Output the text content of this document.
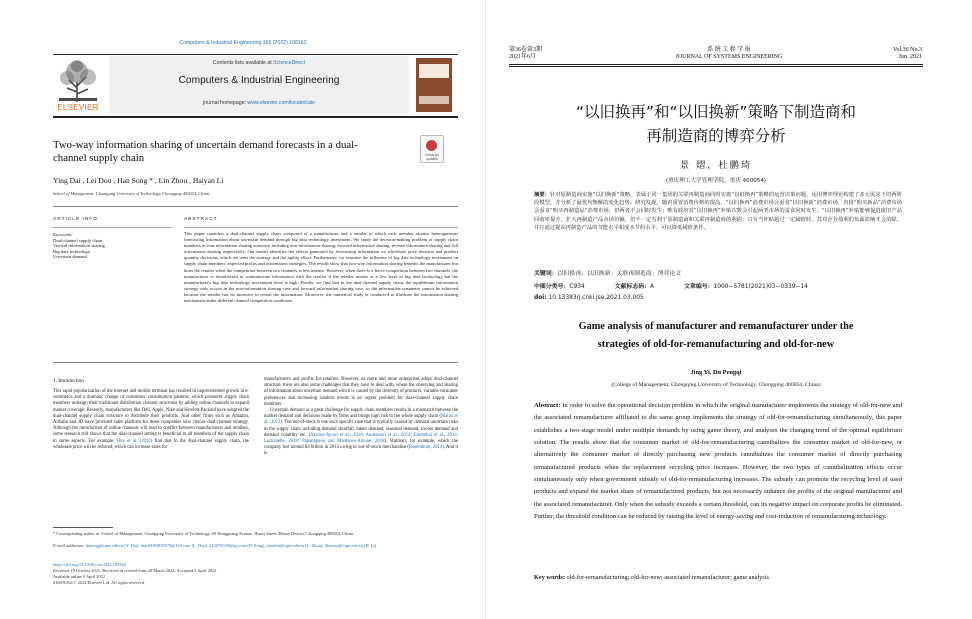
Computers & Industrial Engineering 169 (2022) 108162
ELSEVIER
Contents lists available at ScienceDirect
Computers & Industrial Engineering
journal homepage: www.elsevier.com/locate/caie
Two-way information sharing of uncertain demand forecasts in a dual-channel supply chain	Check for updates
Ying Dai , Lei Dou , Han Song * , Lin Zhou , Haiyan Li
School of Management, Chongqing University of Technology, Chongqing 400054, China
ARTICLE INFO	ABSTRACT
Keywords:
Dual-channel supply chain
Vertical information sharing
Big data technology
Uncertain demand
This paper considers a dual-channel supply chain composed of a manufacturer and a retailer in which each member obtains heterogeneous forecasting information about uncertain demand through big data technology investment. We study the decision-making problem of supply chain members in four information sharing scenarios including non-information sharing, forward information sharing, reverse information sharing and full information sharing respectively. Our model identifies the effects generated by forecasting information on wholesale price decision and product quantity decisions, which we term the strategy and the agility effect. Furthermore, we examine the influence of big data technology investment on supply chain members' expected profits and information strategies. The results show that two-way information sharing benefits the manufacturer but hurts the retailer when the competition between two channels is less intense. However, when there is a fierce competition between two channels, the manufacturer is incentivized to communicate information with the retailer if the retailer invests at a low level in big data technology but the manufacturer's big data technology investment level is high. Finally, we find that in the dual-channel supply chain, the equilibrium information strategy only occurs in the non-information sharing case and forward information sharing case, so the information-symmetry cannot be achieved because the retailer has no incentive to reveal the information. Moreover, the numerical study is conducted to illustrate the information sharing mechanism under different channel competition conditions.
1. Introduction
This rapid popularization of the internet and mobile terminal has resulted in unprecedented growth in e-commerce and a dramatic change of customers' consumption patterns, which promotes supply chain members redesign their traditional distribution channel structures by adding online channels to expand market coverage. Recently, manufacturers like Dell, Apple, Nike and Hewlett-Packard have adopted the dual-channel supply chain structure to distribute their products. And other firms such as Amazon, Alibaba and JD have provided sales platform for these companies who choose dual-channel strategy. Although the introduction of online channels will lead to conflict between manufacturers and retailers, some research still shows that the dual-channel setting is beneficial to all members of the supply chain in some aspects. For example, Hua et al. (2010) find that in the dual-channel supply chain, the wholesale price will be reduced, which can increase sales for
manufacturers and profits for retailers. However, as more and more enterprises adopt dual-channel structure, there are also some challenges that they have to deal with, where the observing and sharing of information about uncertain demand which is caused by the diversity of products, variable consumer preferences and increasing random events is an urgent problem for dual-channel supply chain members.
Uncertain demand as a great challenge for supply chain members results in a mismatch between the market demand and decisions made by firms and brings high risk to the whole supply chain (Mahar et al., 2012). The out-of-stock is one such specific case that is typically caused by demand uncertain risks in the supply chain including demand shortfall, latent demand, seasonal demand, excess demand and demand volatility etc. (Akrouo-Ayuso et al., 2018; Andersson et al., 2014; Ehrenthal et al., 2014; Lachapelle, 2018; Papanagnou and Matthews-Amune, 2018). Walmart, for example, which the company lost around $3 billion in 2013 owing to out-of-stock merchandise (Rosenblum, 2014). And it is
* Corresponding author at: School of Management, Chongqing University of Technology, 69 Hongguang Avenue, Huaxi Street, Banan District, Chongqing 400054, China.
E-mail addresses: daiying@cqut.edu.cn (Y. Dai), dou18093839578@163.com (L. Dou), 213078359@qq.com (H. Song), zhoulin@cqut.edu.cn (L. Zhou), lihaiyan@cqut.edu.cn (H. Li).
https://doi.org/10.1016/j.cie.2022.108162
Received 19 October 2021; Received in revised form 20 March 2022; Accepted 5 April 2022
Available online 9 April 2022
0360-8352/© 2022 Elsevier Ltd. All rights reserved.
第36卷第3期
2021年6月
系 统 工 程 学 报
JOURNAL OF SYSTEMS ENGINEERING
Vol.36 No.3
Jun. 2021
“以旧换再”和“以旧换新”策略下制造商和
再制造商的博弈分析
景 熠，杜鹏琦
(重庆理工大学管理学院，重庆 400054)
摘要：针对原制造商实施“以旧换新”策略，表属于同一集团的关联再制造商同时实施“以旧换再”策略的运营决策问题，运用博弈理论构建了多元需求下的两阶段模型，并分析了最优均衡解的变化趋势。研究发现，随着重置消费价格的提高，“以旧换再”消费市场会蚕食“以旧换新”消费市场，直接“购买新品”消费市场会蚕食“购买再制造品”消费市场，但两者不会同时发生；唯有政府对“以旧换再”补贴次数会引起两类市场的蚕食同时发生；“以旧换再”补贴能够促进废旧产品回收率提升，扩大再制造产品市场份额，但不一定有利于原制造商和关联再制造商的利润；只有当补贴超过一定阈值时，其对企业盈利的负面影响才会消除，并且通过提高再制造产品的节能水平和成本节约水平，可以降低阈值条件。
关键词：以旧换再；以旧换新；关联再制造商；博弈论文
中图分类号：C934	文献标志码：A	文章编号：1000−5781(2021)03−0339−14
doi: 10.13383/j.cnki.jse.2021.03.005
Game analysis of manufacturer and remanufacturer under the
strategies of old-for-remanufacturing and old-for-new
Jing Yi, Du Pengqi
(College of Management, Chongqing University of Technology, Chongqing 400054, China)
Abstract: In order to solve the operational decision problem in which the original manufacturer implements the strategy of old-for-new and the associated remanufacturer affiliated to the same group implements the strategy of old-for-remanufacturing simultaneously, this paper establishes a two-stage model under multiple demands by using game theory, and analyses the changing trend of the optimal equilibrium solution. The results show that the consumer market of old-for-remanufacturing cannibalizes the consumer market of old-for-new, or alternatively the consumer market of directly purchasing new products cannibalizes the consumer market of directly purchasing remanufactured products when the replacement recycling price increases. However, the two types of cannibalization effects occur simultaneously only when government subsidy of old-for-remanufacturing increases. The subsidy can promote the recycling level of used products and expand the market share of remanufactured products, but not necessarily enhance the profits of the original manufacturer and the associated remanufacturer. Only when the subsidy exceeds a certain threshold, can its negative impact on corporate profits be eliminated. Further, the threshold condition can be reduced by raising the level of energy-saving and cost-reduction of remanufacturing technology.
Key words: old-for-remanufacturing; old-for-new; associated remanufacturer; game analysis
